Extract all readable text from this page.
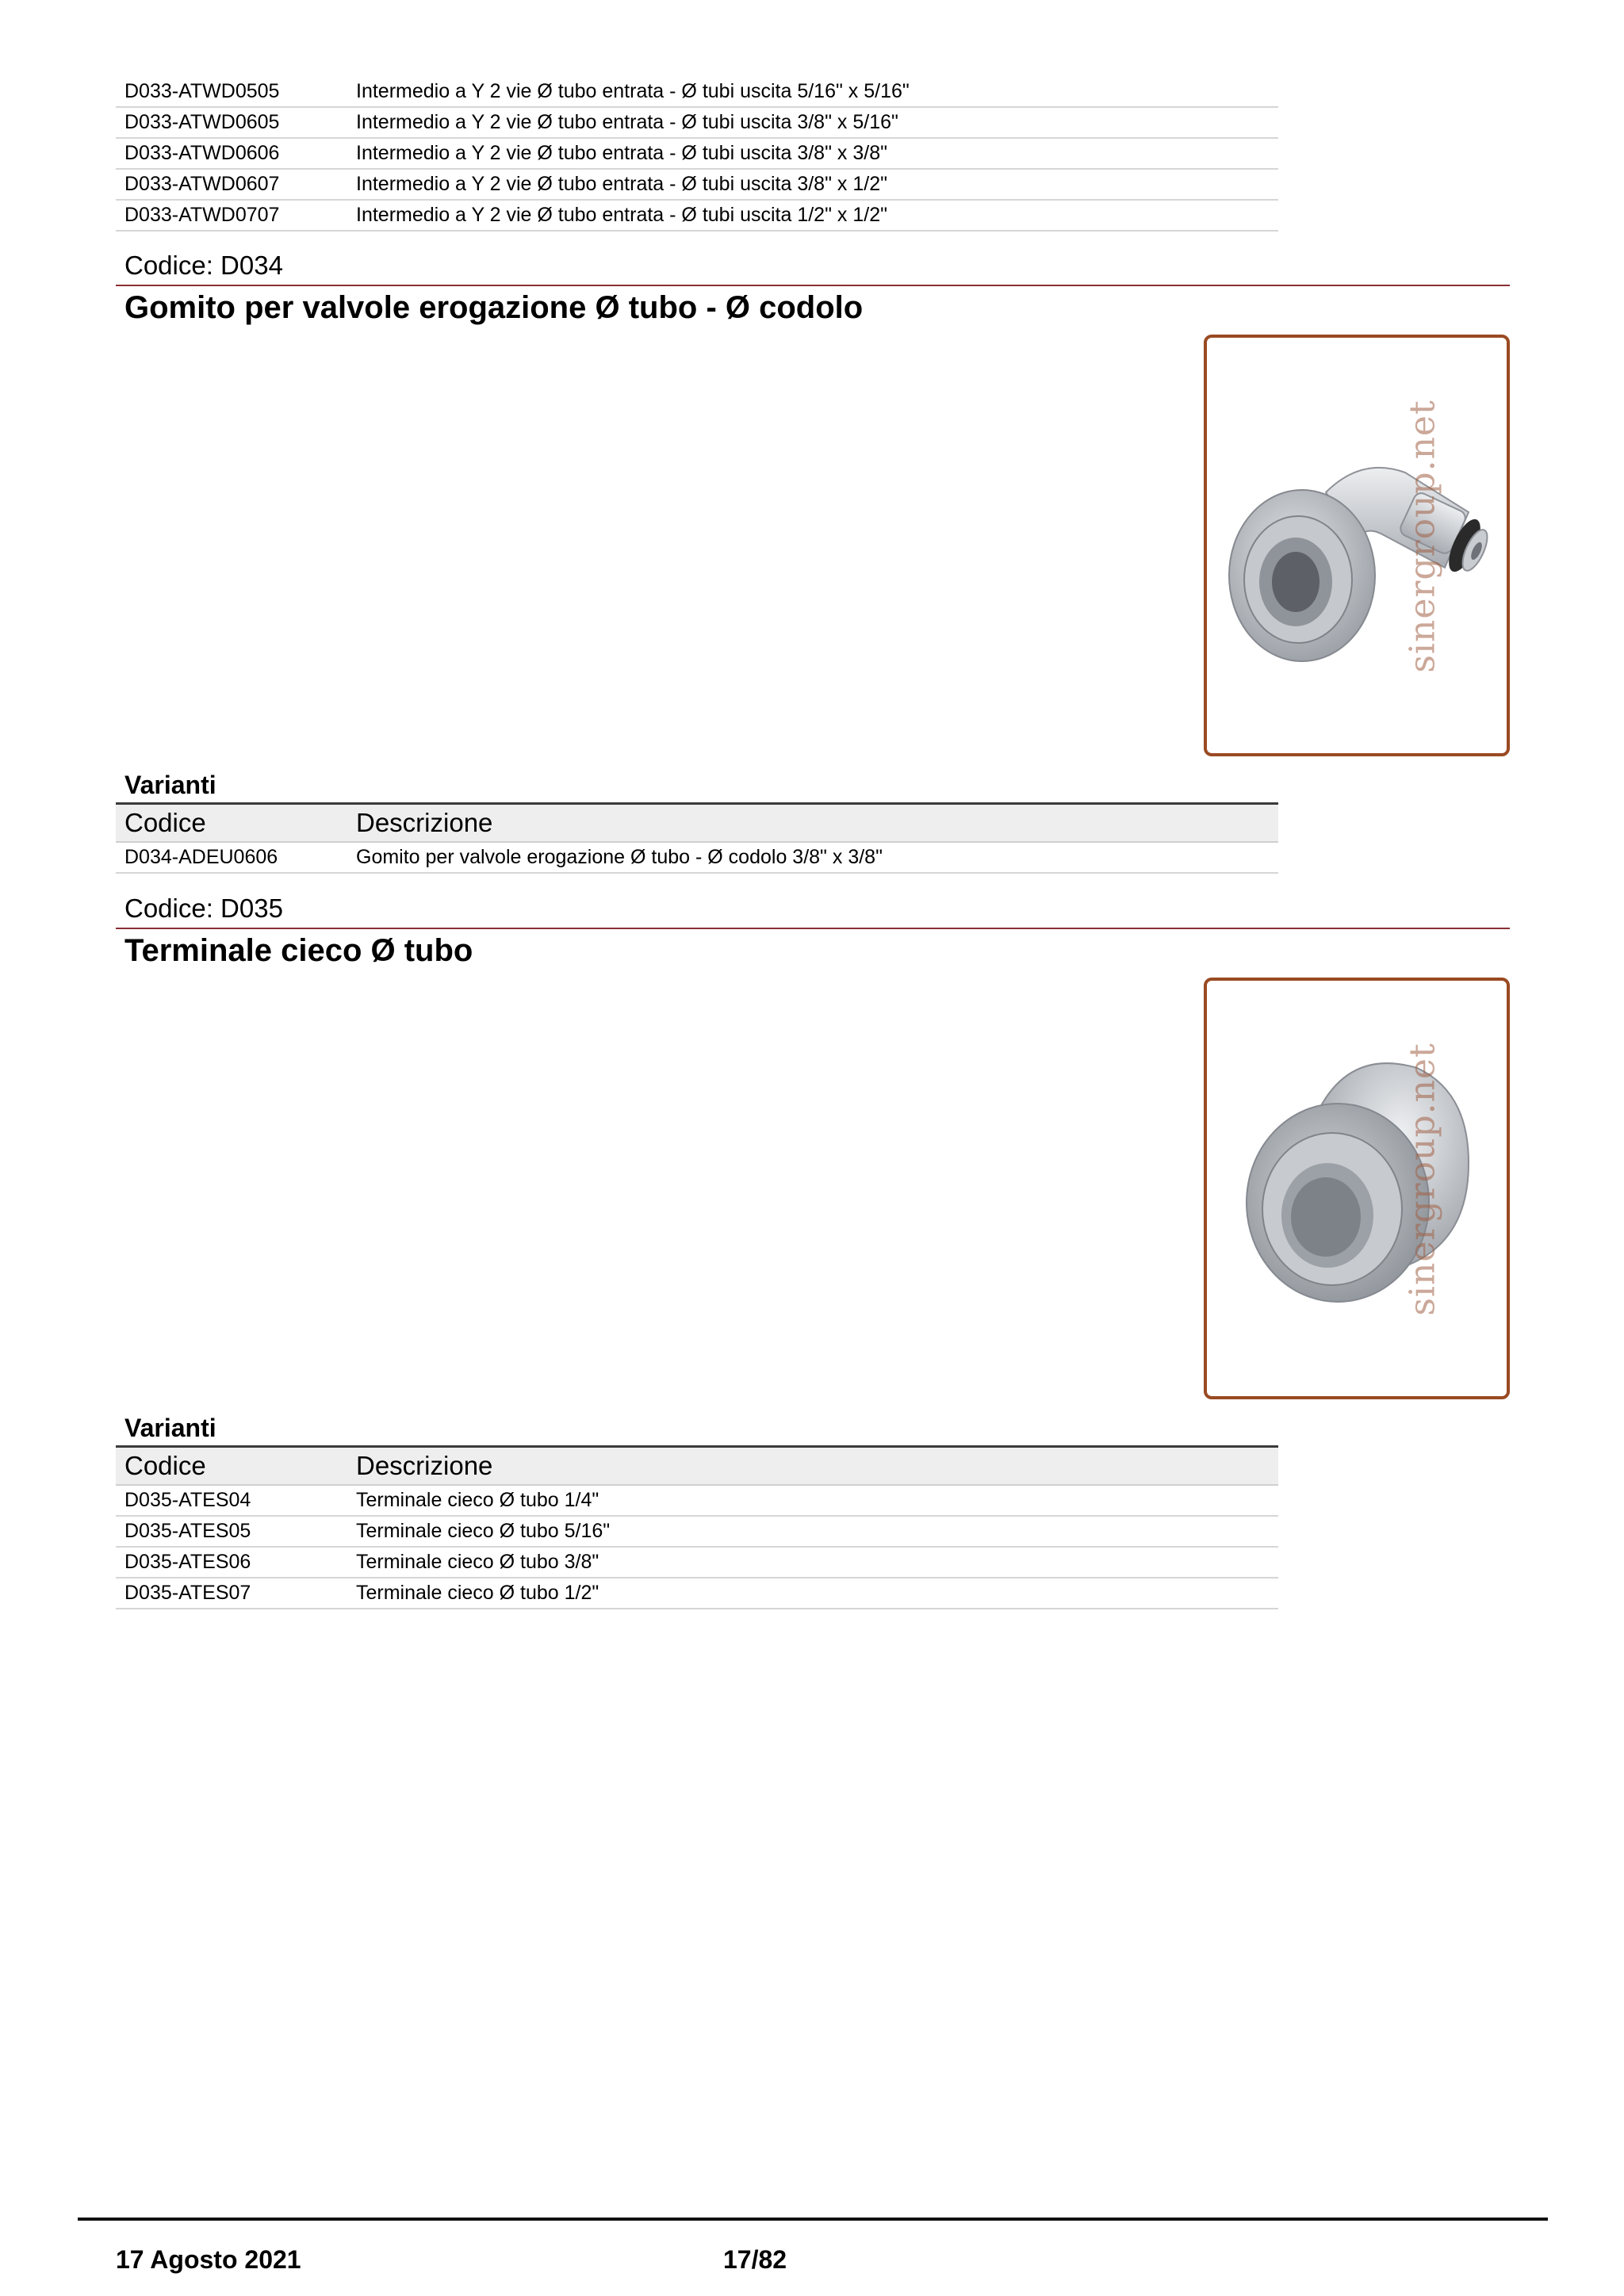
D033-ATWD0505	Intermedio a Y 2 vie Ø tubo entrata - Ø tubi uscita 5/16" x 5/16"
D033-ATWD0605	Intermedio a Y 2 vie Ø tubo entrata - Ø tubi uscita 3/8" x 5/16"
D033-ATWD0606	Intermedio a Y 2 vie Ø tubo entrata - Ø tubi uscita 3/8" x 3/8"
D033-ATWD0607	Intermedio a Y 2 vie Ø tubo entrata - Ø tubi uscita 3/8" x 1/2"
D033-ATWD0707	Intermedio a Y 2 vie Ø tubo entrata - Ø tubi uscita 1/2" x 1/2"
Codice: D034
Gomito per valvole erogazione Ø tubo - Ø codolo
sinergroup.net
Varianti
Codice	Descrizione
D034-ADEU0606	Gomito per valvole erogazione Ø tubo - Ø codolo 3/8" x 3/8"
Codice: D035
Terminale cieco Ø tubo
sinergroup.net
Varianti
Codice	Descrizione
D035-ATES04	Terminale cieco Ø tubo 1/4"
D035-ATES05	Terminale cieco Ø tubo 5/16"
D035-ATES06	Terminale cieco Ø tubo 3/8"
D035-ATES07	Terminale cieco Ø tubo 1/2"
17 Agosto 2021	17/82
